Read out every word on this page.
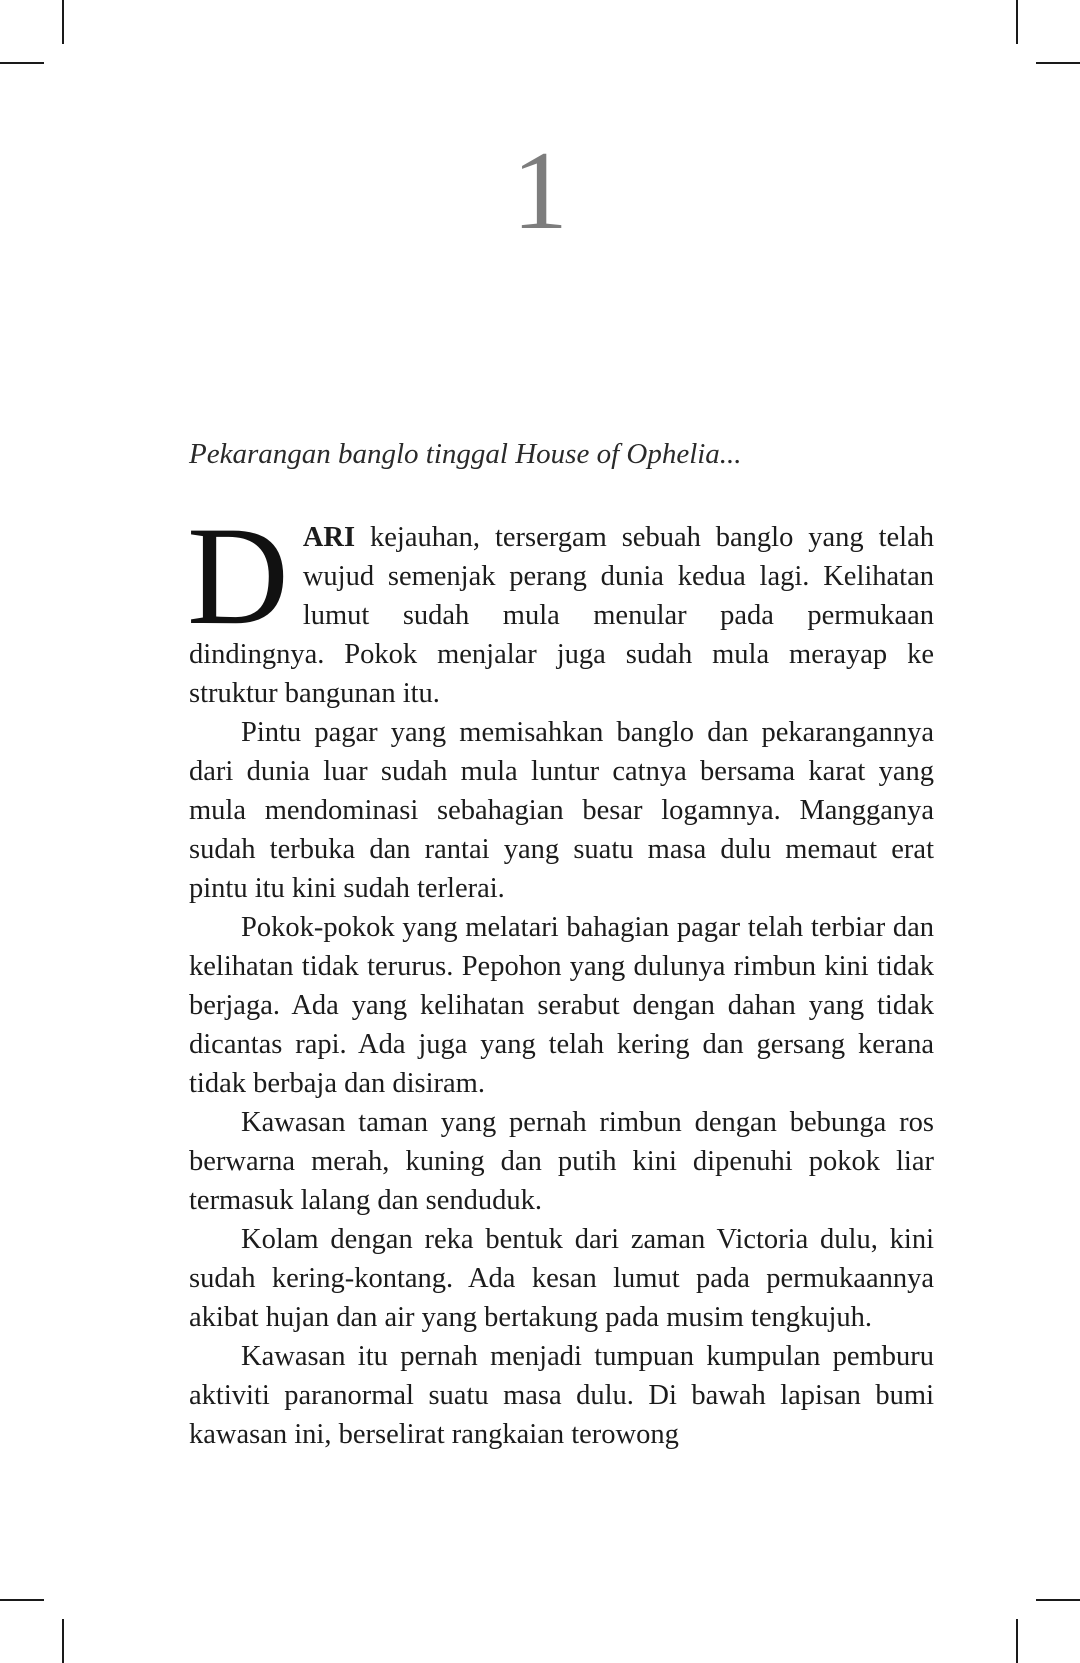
1
Pekarangan banglo tinggal House of Ophelia...

DARI kejauhan, tersergam sebuah banglo yang telah wujud semenjak perang dunia kedua lagi. Kelihatan lumut sudah mula menular pada permukaan dindingnya. Pokok menjalar juga sudah mula merayap ke struktur bangunan itu.

Pintu pagar yang memisahkan banglo dan pekarangannya dari dunia luar sudah mula luntur catnya bersama karat yang mula mendominasi sebahagian besar logamnya. Mangganya sudah terbuka dan rantai yang suatu masa dulu memaut erat pintu itu kini sudah terlerai.

Pokok-pokok yang melatari bahagian pagar telah terbiar dan kelihatan tidak terurus. Pepohon yang dulunya rimbun kini tidak berjaga. Ada yang kelihatan serabut dengan dahan yang tidak dicantas rapi. Ada juga yang telah kering dan gersang kerana tidak berbaja dan disiram.

Kawasan taman yang pernah rimbun dengan bebunga ros berwarna merah, kuning dan putih kini dipenuhi pokok liar termasuk lalang dan senduduk.

Kolam dengan reka bentuk dari zaman Victoria dulu, kini sudah kering-kontang. Ada kesan lumut pada permukaannya akibat hujan dan air yang bertakung pada musim tengkujuh.

Kawasan itu pernah menjadi tumpuan kumpulan pemburu aktiviti paranormal suatu masa dulu. Di bawah lapisan bumi kawasan ini, berselirat rangkaian terowong
